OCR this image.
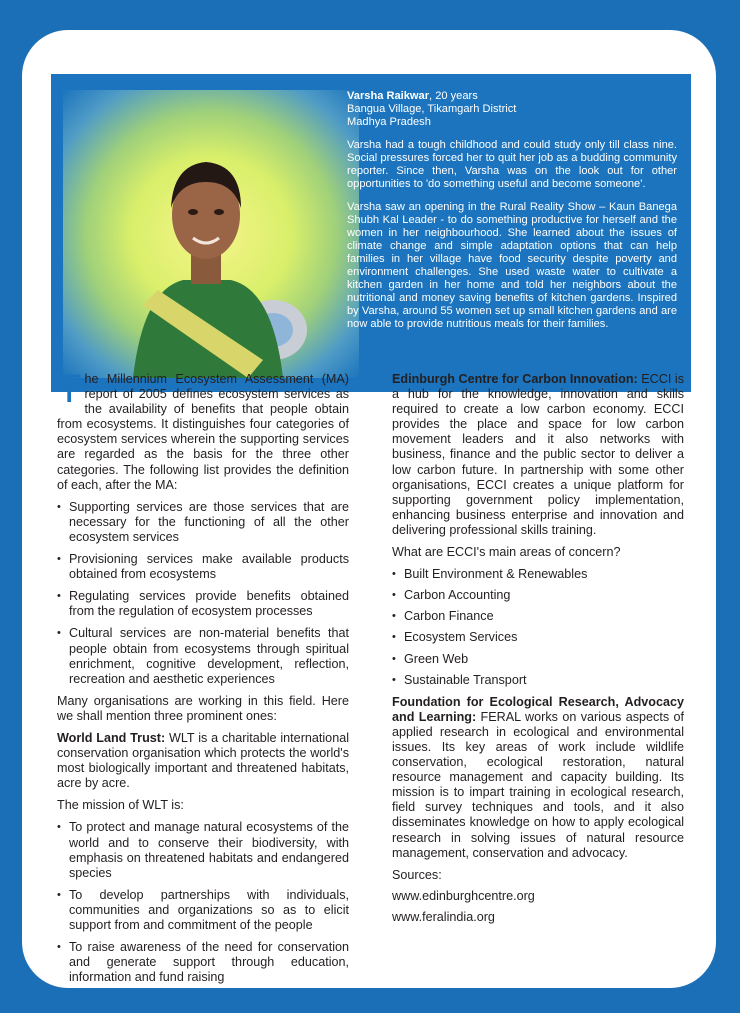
Varsha Raikwar, 20 years
Bangua Village, Tikamgarh District
Madhya Pradesh

Varsha had a tough childhood and could study only till class nine. Social pressures forced her to quit her job as a budding community reporter. Since then, Varsha was on the look out for other opportunities to 'do something useful and become someone'.

Varsha saw an opening in the Rural Reality Show – Kaun Banega Shubh Kal Leader - to do something productive for herself and the women in her neighbourhood. She learned about the issues of climate change and simple adaptation options that can help families in her village have food security despite poverty and environment challenges. She used waste water to cultivate a kitchen garden in her home and told her neighbors about the nutritional and money saving benefits of kitchen gardens. Inspired by Varsha, around 55 women set up small kitchen gardens and are now able to provide nutritious meals for their families.

The Millennium Ecosystem Assessment (MA) report of 2005 defines ecosystem services as the availability of benefits that people obtain from ecosystems. It distinguishes four categories of ecosystem services wherein the supporting services are regarded as the basis for the three other categories. The following list provides the definition of each, after the MA:

• Supporting services are those services that are necessary for the functioning of all the other ecosystem services
• Provisioning services make available products obtained from ecosystems
• Regulating services provide benefits obtained from the regulation of ecosystem processes
• Cultural services are non-material benefits that people obtain from ecosystems through spiritual enrichment, cognitive development, reflection, recreation and aesthetic experiences

Many organisations are working in this field. Here we shall mention three prominent ones:

World Land Trust: WLT is a charitable international conservation organisation which protects the world's most biologically important and threatened habitats, acre by acre.

The mission of WLT is:

• To protect and manage natural ecosystems of the world and to conserve their biodiversity, with emphasis on threatened habitats and endangered species
• To develop partnerships with individuals, communities and organizations so as to elicit support from and commitment of the people
• To raise awareness of the need for conservation and generate support through education, information and fund raising

Edinburgh Centre for Carbon Innovation: ECCI is a hub for the knowledge, innovation and skills required to create a low carbon economy. ECCI provides the place and space for low carbon movement leaders and it also networks with business, finance and the public sector to deliver a low carbon future. In partnership with some other organisations, ECCI creates a unique platform for supporting government policy implementation, enhancing business enterprise and innovation and delivering professional skills training.

What are ECCI's main areas of concern?

• Built Environment & Renewables
• Carbon Accounting
• Carbon Finance
• Ecosystem Services
• Green Web
• Sustainable Transport

Foundation for Ecological Research, Advocacy and Learning: FERAL works on various aspects of applied research in ecological and environmental issues. Its key areas of work include wildlife conservation, ecological restoration, natural resource management and capacity building. Its mission is to impart training in ecological research, field survey techniques and tools, and it also disseminates knowledge on how to apply ecological research in solving issues of natural resource management, conservation and advocacy.

Sources:

www.edinburghcentre.org

www.feralindia.org
